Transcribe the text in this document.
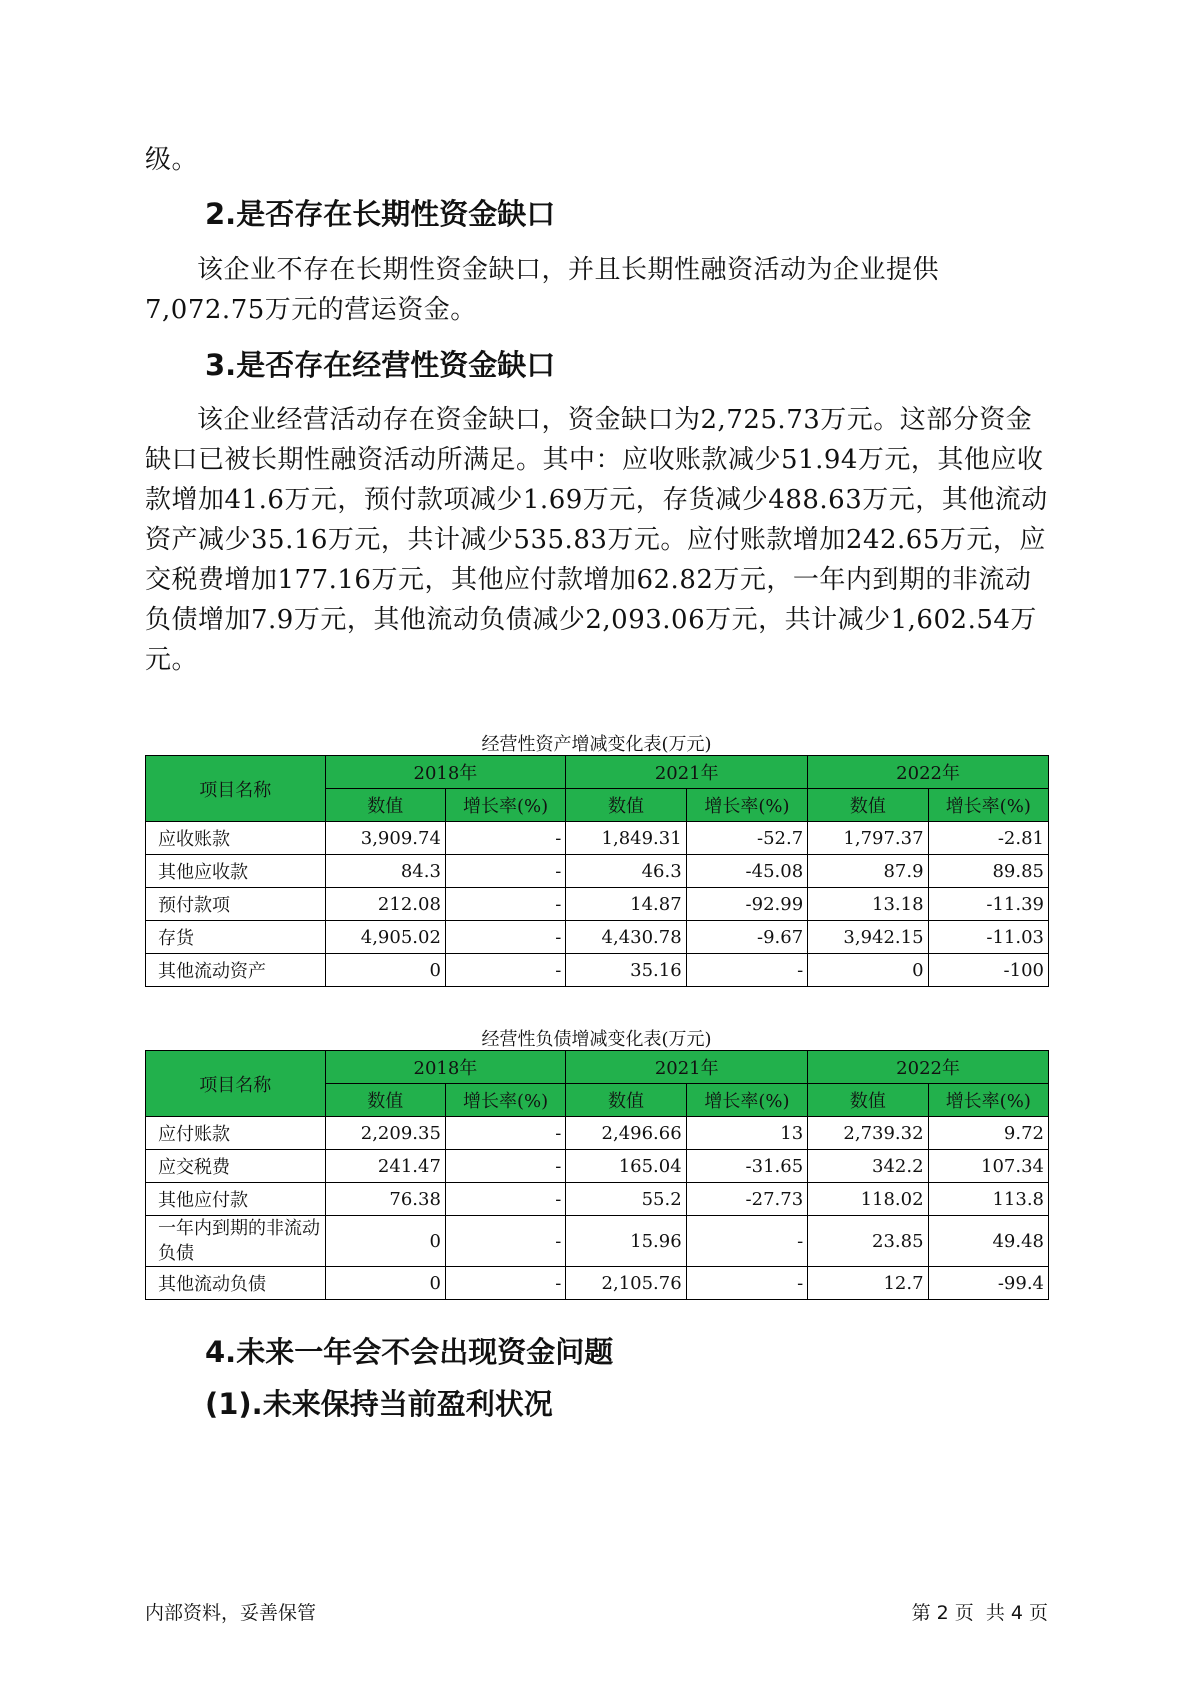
级。
2.是否存在长期性资金缺口
该企业不存在长期性资金缺口，并且长期性融资活动为企业提供7,072.75万元的营运资金。
3.是否存在经营性资金缺口
该企业经营活动存在资金缺口，资金缺口为2,725.73万元。这部分资金缺口已被长期性融资活动所满足。其中：应收账款减少51.94万元，其他应收款增加41.6万元，预付款项减少1.69万元，存货减少488.63万元，其他流动资产减少35.16万元，共计减少535.83万元。应付账款增加242.65万元，应交税费增加177.16万元，其他应付款增加62.82万元，一年内到期的非流动负债增加7.9万元，其他流动负债减少2,093.06万元，共计减少1,602.54万元。
经营性资产增减变化表(万元)
项目名称	2018年		2021年		2022年	
	数值	增长率(%)	数值	增长率(%)	数值	增长率(%)
应收账款	3,909.74	-	1,849.31	-52.7	1,797.37	-2.81
其他应收款	84.3	-	46.3	-45.08	87.9	89.85
预付款项	212.08	-	14.87	-92.99	13.18	-11.39
存货	4,905.02	-	4,430.78	-9.67	3,942.15	-11.03
其他流动资产	0	-	35.16	-	0	-100
经营性负债增减变化表(万元)
项目名称	2018年		2021年		2022年	
	数值	增长率(%)	数值	增长率(%)	数值	增长率(%)
应付账款	2,209.35	-	2,496.66	13	2,739.32	9.72
应交税费	241.47	-	165.04	-31.65	342.2	107.34
其他应付款	76.38	-	55.2	-27.73	118.02	113.8
一年内到期的非流动负债	0	-	15.96	-	23.85	49.48
其他流动负债	0	-	2,105.76	-	12.7	-99.4
4.未来一年会不会出现资金问题
(1).未来保持当前盈利状况
内部资料，妥善保管	第 2 页  共 4 页
